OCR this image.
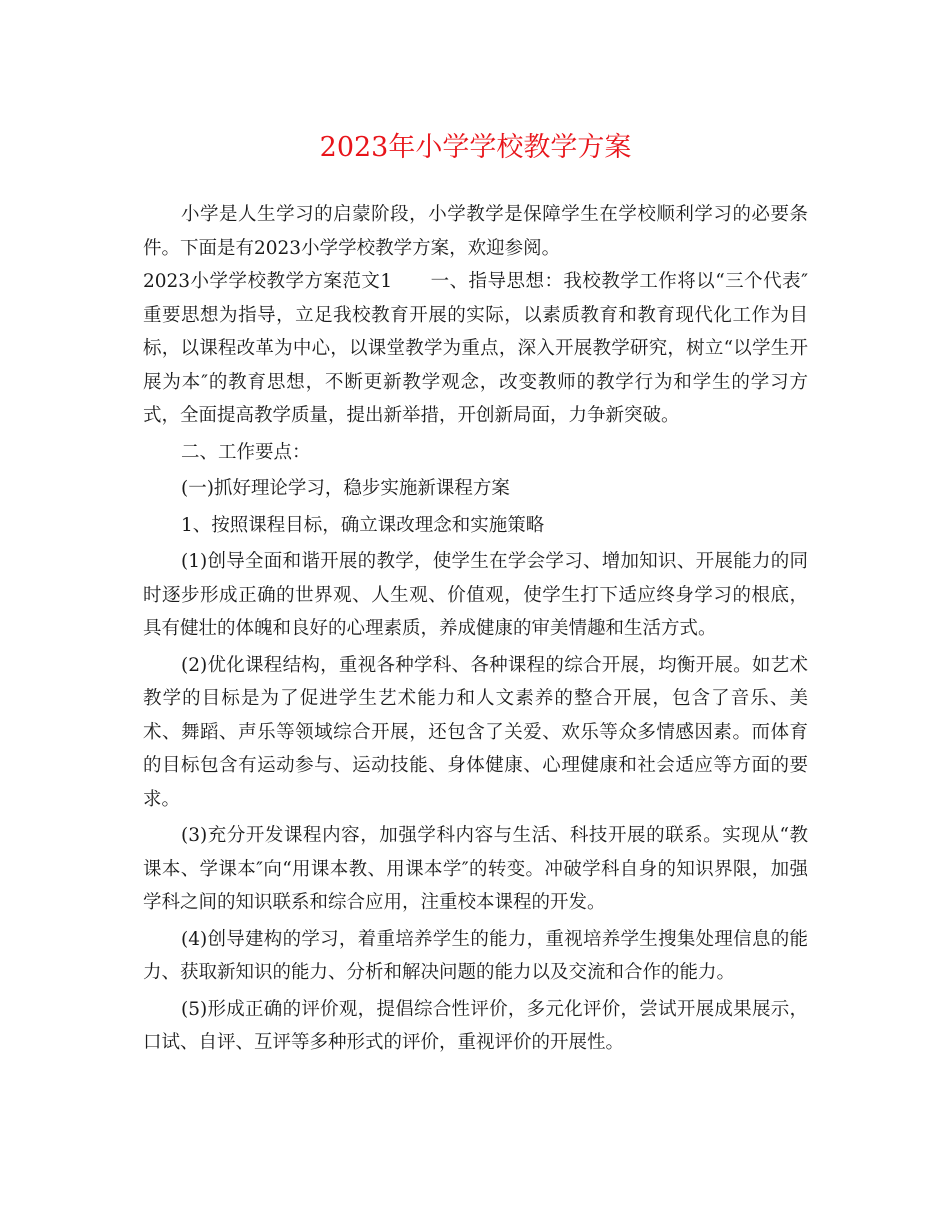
2023年小学学校教学方案

小学是人生学习的启蒙阶段，小学教学是保障学生在学校顺利学习的必要条件。下面是有2023小学学校教学方案，欢迎参阅。

2023小学学校教学方案范文1 一、指导思想：我校教学工作将以“三个代表″重要思想为指导，立足我校教育开展的实际，以素质教育和教育现代化工作为目标，以课程改革为中心，以课堂教学为重点，深入开展教学研究，树立“以学生开展为本″的教育思想，不断更新教学观念，改变教师的教学行为和学生的学习方式，全面提高教学质量，提出新举措，开创新局面，力争新突破。

二、工作要点：

(一)抓好理论学习，稳步实施新课程方案

1、按照课程目标，确立课改理念和实施策略

(1)创导全面和谐开展的教学，使学生在学会学习、增加知识、开展能力的同时逐步形成正确的世界观、人生观、价值观，使学生打下适应终身学习的根底，具有健壮的体魄和良好的心理素质，养成健康的审美情趣和生活方式。

(2)优化课程结构，重视各种学科、各种课程的综合开展，均衡开展。如艺术教学的目标是为了促进学生艺术能力和人文素养的整合开展，包含了音乐、美术、舞蹈、声乐等领域综合开展，还包含了关爱、欢乐等众多情感因素。而体育的目标包含有运动参与、运动技能、身体健康、心理健康和社会适应等方面的要求。

(3)充分开发课程内容，加强学科内容与生活、科技开展的联系。实现从“教课本、学课本″向“用课本教、用课本学″的转变。冲破学科自身的知识界限，加强学科之间的知识联系和综合应用，注重校本课程的开发。

(4)创导建构的学习，着重培养学生的能力，重视培养学生搜集处理信息的能力、获取新知识的能力、分析和解决问题的能力以及交流和合作的能力。

(5)形成正确的评价观，提倡综合性评价，多元化评价，尝试开展成果展示，口试、自评、互评等多种形式的评价，重视评价的开展性。
